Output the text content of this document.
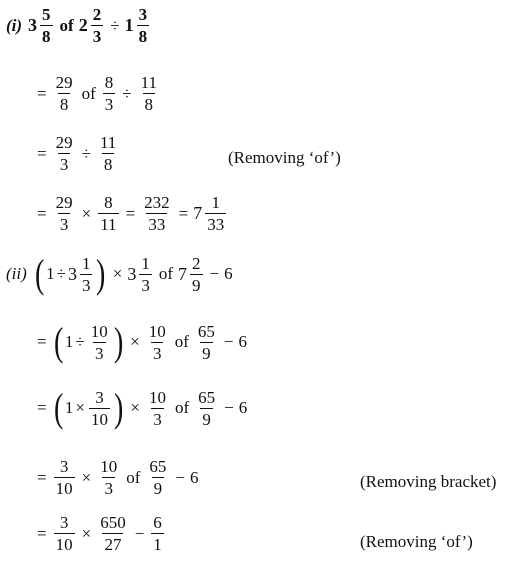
(i) 3
5
8
of 2
2
3
÷ 1
3
8
= $\frac{29}{8}$ of $\frac{8}{3} \div \frac{11}{8}$
= $\frac{29}{3} \div \frac{11}{8}$	(Removing ‘of’)
= $\frac{29}{3} \times \frac{8}{11} = \frac{232}{33} = 7$
1
33
(ii) ( 1 ÷ 3
1
3 ) × 3
1
3
of 7
2
9
− 6
= ( $1 \div \frac{10}{3}$ ) × $\frac{10}{3}$ of
65
9
− 6
= ( $1 \times \frac{3}{10}$ ) × $\frac{10}{3}$ of
65
9
− 6
= $\frac{3}{10} \times \frac{10}{3}$ of
65
9
− 6	(Removing bracket)
= $\frac{3}{10} \times \frac{650}{27} - \frac{6}{1}$	(Removing ‘of’)
